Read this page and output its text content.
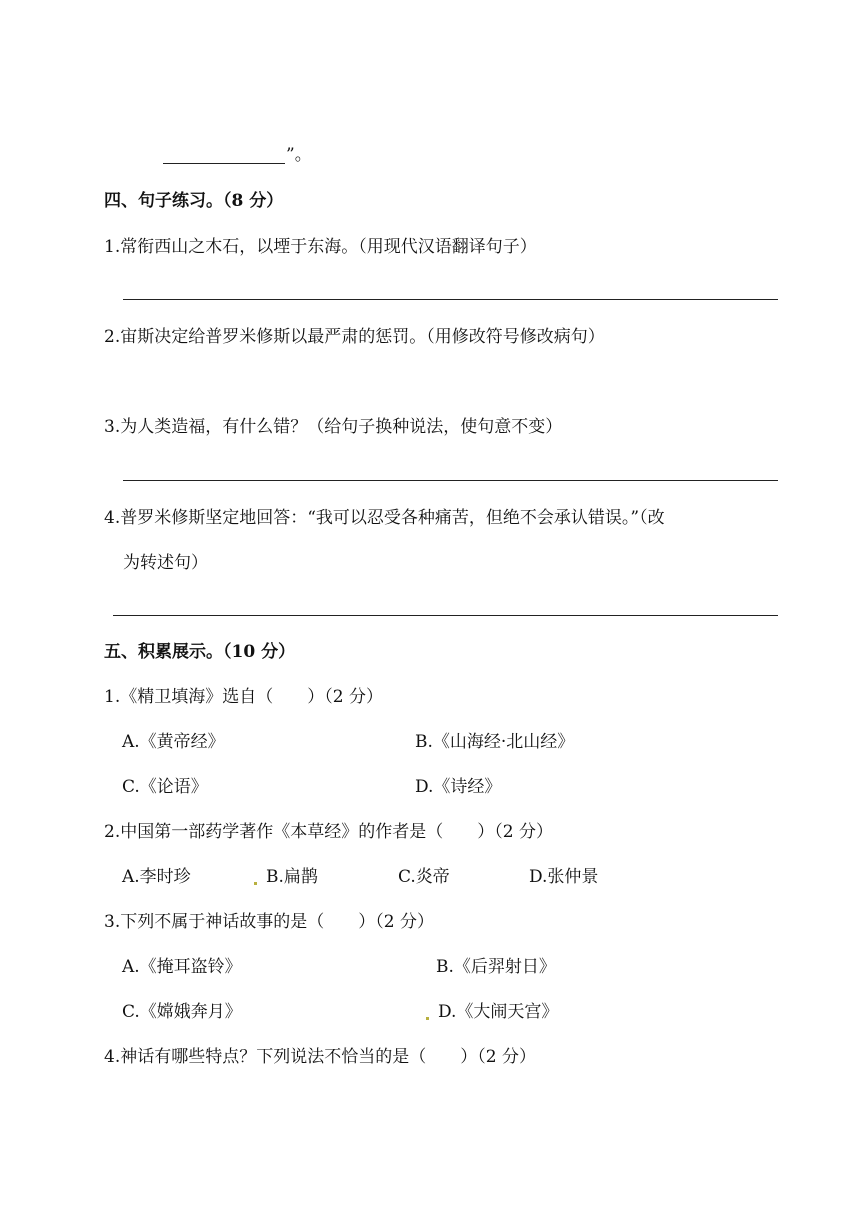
”。
四、句子练习。（8 分）
1.常衔西山之木石，以堙于东海。（用现代汉语翻译句子）
2.宙斯决定给普罗米修斯以最严肃的惩罚。（用修改符号修改病句）
3.为人类造福，有什么错？（给句子换种说法，使句意不变）
4.普罗米修斯坚定地回答：“我可以忍受各种痛苦，但绝不会承认错误。”（改
为转述句）
五、积累展示。（10 分）
1.《精卫填海》选自（　　）（2 分）
A.《黄帝经》	B.《山海经·北山经》
C.《论语》	D.《诗经》
2.中国第一部药学著作《本草经》的作者是（　　）（2 分）
A.李时珍	B.扁鹊	C.炎帝	D.张仲景
3.下列不属于神话故事的是（　　）（2 分）
A.《掩耳盗铃》	B.《后羿射日》
C.《嫦娥奔月》	D.《大闹天宫》
4.神话有哪些特点？下列说法不恰当的是（　　）（2 分）
